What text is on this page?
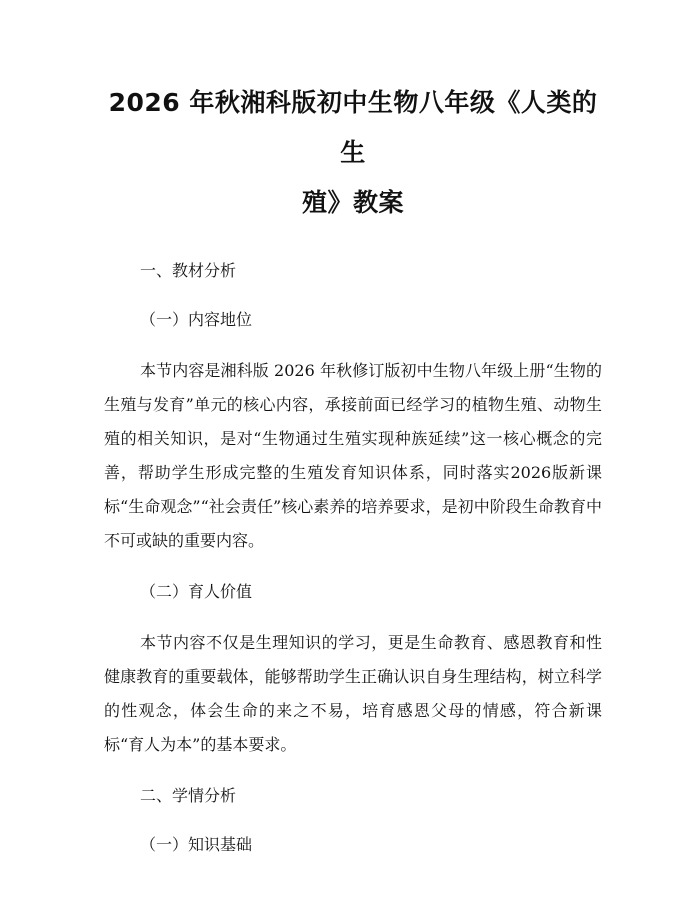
2026 年秋湘科版初中生物八年级《人类的生
殖》教案

一、教材分析

（一）内容地位

本节内容是湘科版 2026 年秋修订版初中生物八年级上册“生物的生殖与发育”单元的核心内容，承接前面已经学习的植物生殖、动物生殖的相关知识，是对“生物通过生殖实现种族延续”这一核心概念的完善，帮助学生形成完整的生殖发育知识体系，同时落实2026版新课标“生命观念”“社会责任”核心素养的培养要求，是初中阶段生命教育中不可或缺的重要内容。

（二）育人价值

本节内容不仅是生理知识的学习，更是生命教育、感恩教育和性健康教育的重要载体，能够帮助学生正确认识自身生理结构，树立科学的性观念，体会生命的来之不易，培育感恩父母的情感，符合新课标“育人为本”的基本要求。

二、学情分析

（一）知识基础
